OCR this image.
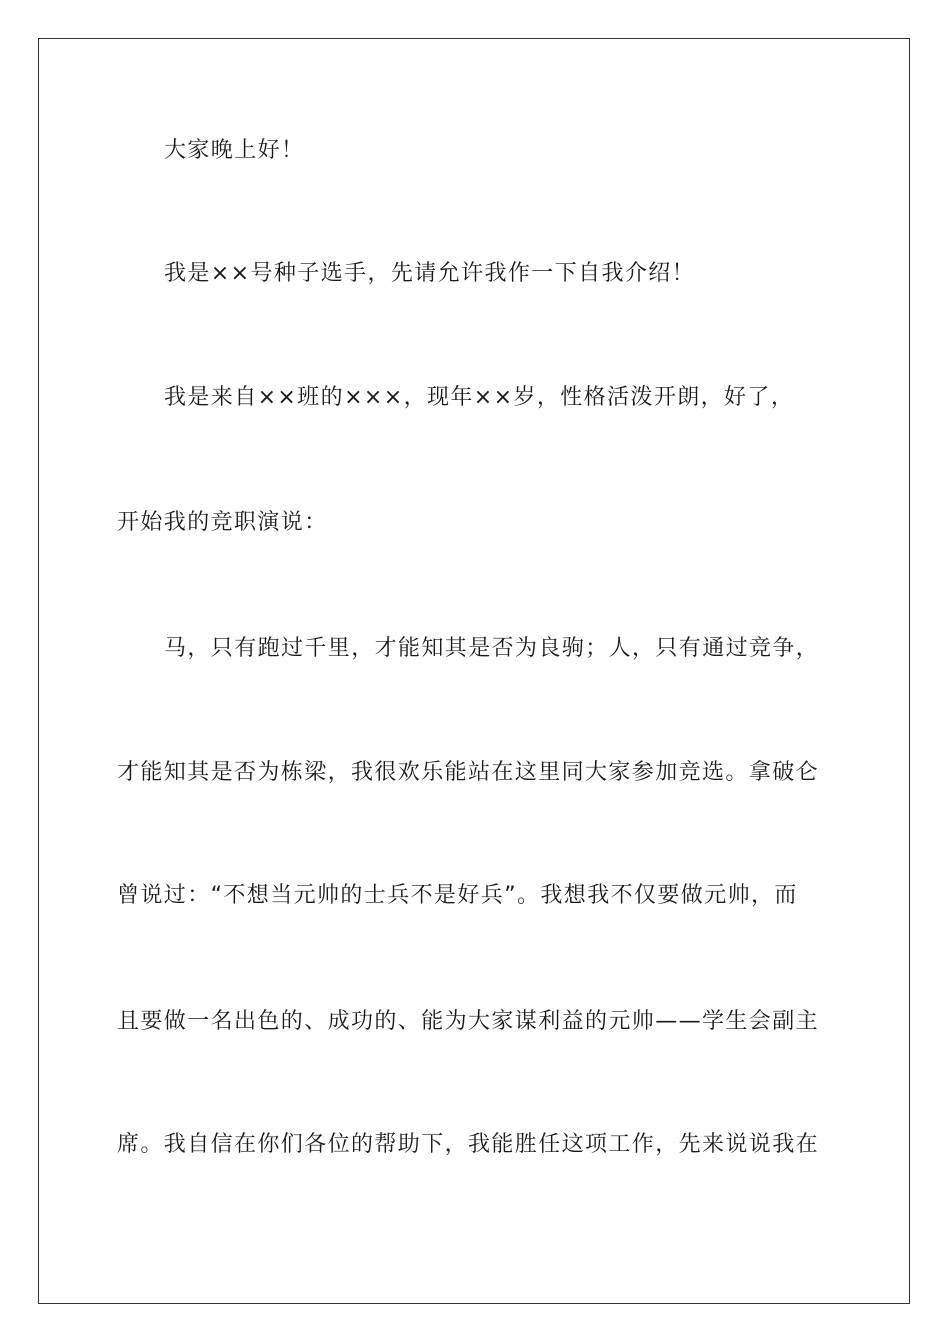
大家晚上好！
我是××号种子选手，先请允许我作一下自我介绍！
我是来自××班的×××，现年××岁，性格活泼开朗，好了，
开始我的竞职演说：
马，只有跑过千里，才能知其是否为良驹；人，只有通过竞争，
才能知其是否为栋梁，我很欢乐能站在这里同大家参加竞选。拿破仑
曾说过：“不想当元帅的士兵不是好兵”。我想我不仅要做元帅，而
且要做一名出色的、成功的、能为大家谋利益的元帅——学生会副主
席。我自信在你们各位的帮助下，我能胜任这项工作，先来说说我在
